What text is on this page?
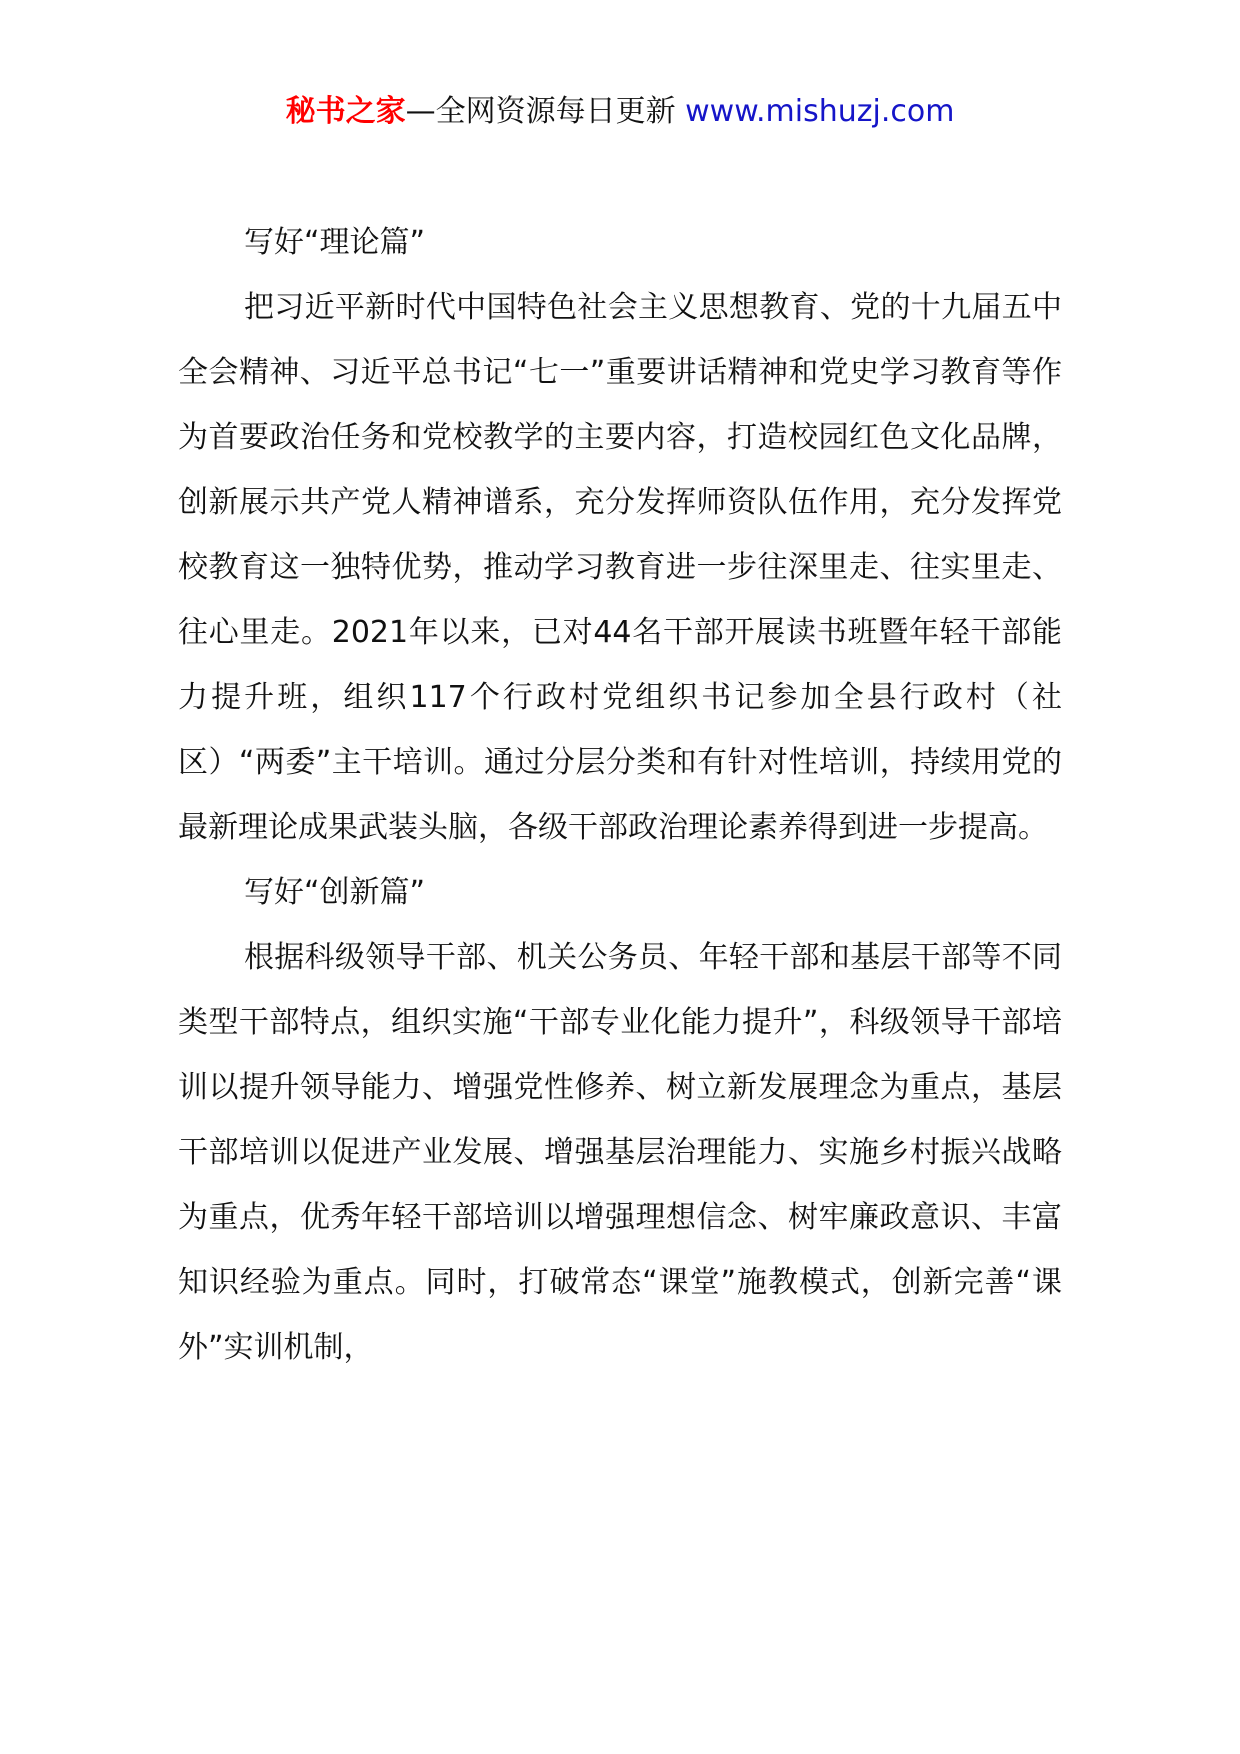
秘书之家—全网资源每日更新 www.mishuzj.com

写好“理论篇”

把习近平新时代中国特色社会主义思想教育、党的十九届五中全会精神、习近平总书记“七一”重要讲话精神和党史学习教育等作为首要政治任务和党校教学的主要内容，打造校园红色文化品牌，创新展示共产党人精神谱系，充分发挥师资队伍作用，充分发挥党校教育这一独特优势，推动学习教育进一步往深里走、往实里走、往心里走。2021年以来，已对44名干部开展读书班暨年轻干部能力提升班，组织117个行政村党组织书记参加全县行政村（社区）“两委”主干培训。通过分层分类和有针对性培训，持续用党的最新理论成果武装头脑，各级干部政治理论素养得到进一步提高。

写好“创新篇”

根据科级领导干部、机关公务员、年轻干部和基层干部等不同类型干部特点，组织实施“干部专业化能力提升”，科级领导干部培训以提升领导能力、增强党性修养、树立新发展理念为重点，基层干部培训以促进产业发展、增强基层治理能力、实施乡村振兴战略为重点，优秀年轻干部培训以增强理想信念、树牢廉政意识、丰富知识经验为重点。同时，打破常态“课堂”施教模式，创新完善“课外”实训机制，
